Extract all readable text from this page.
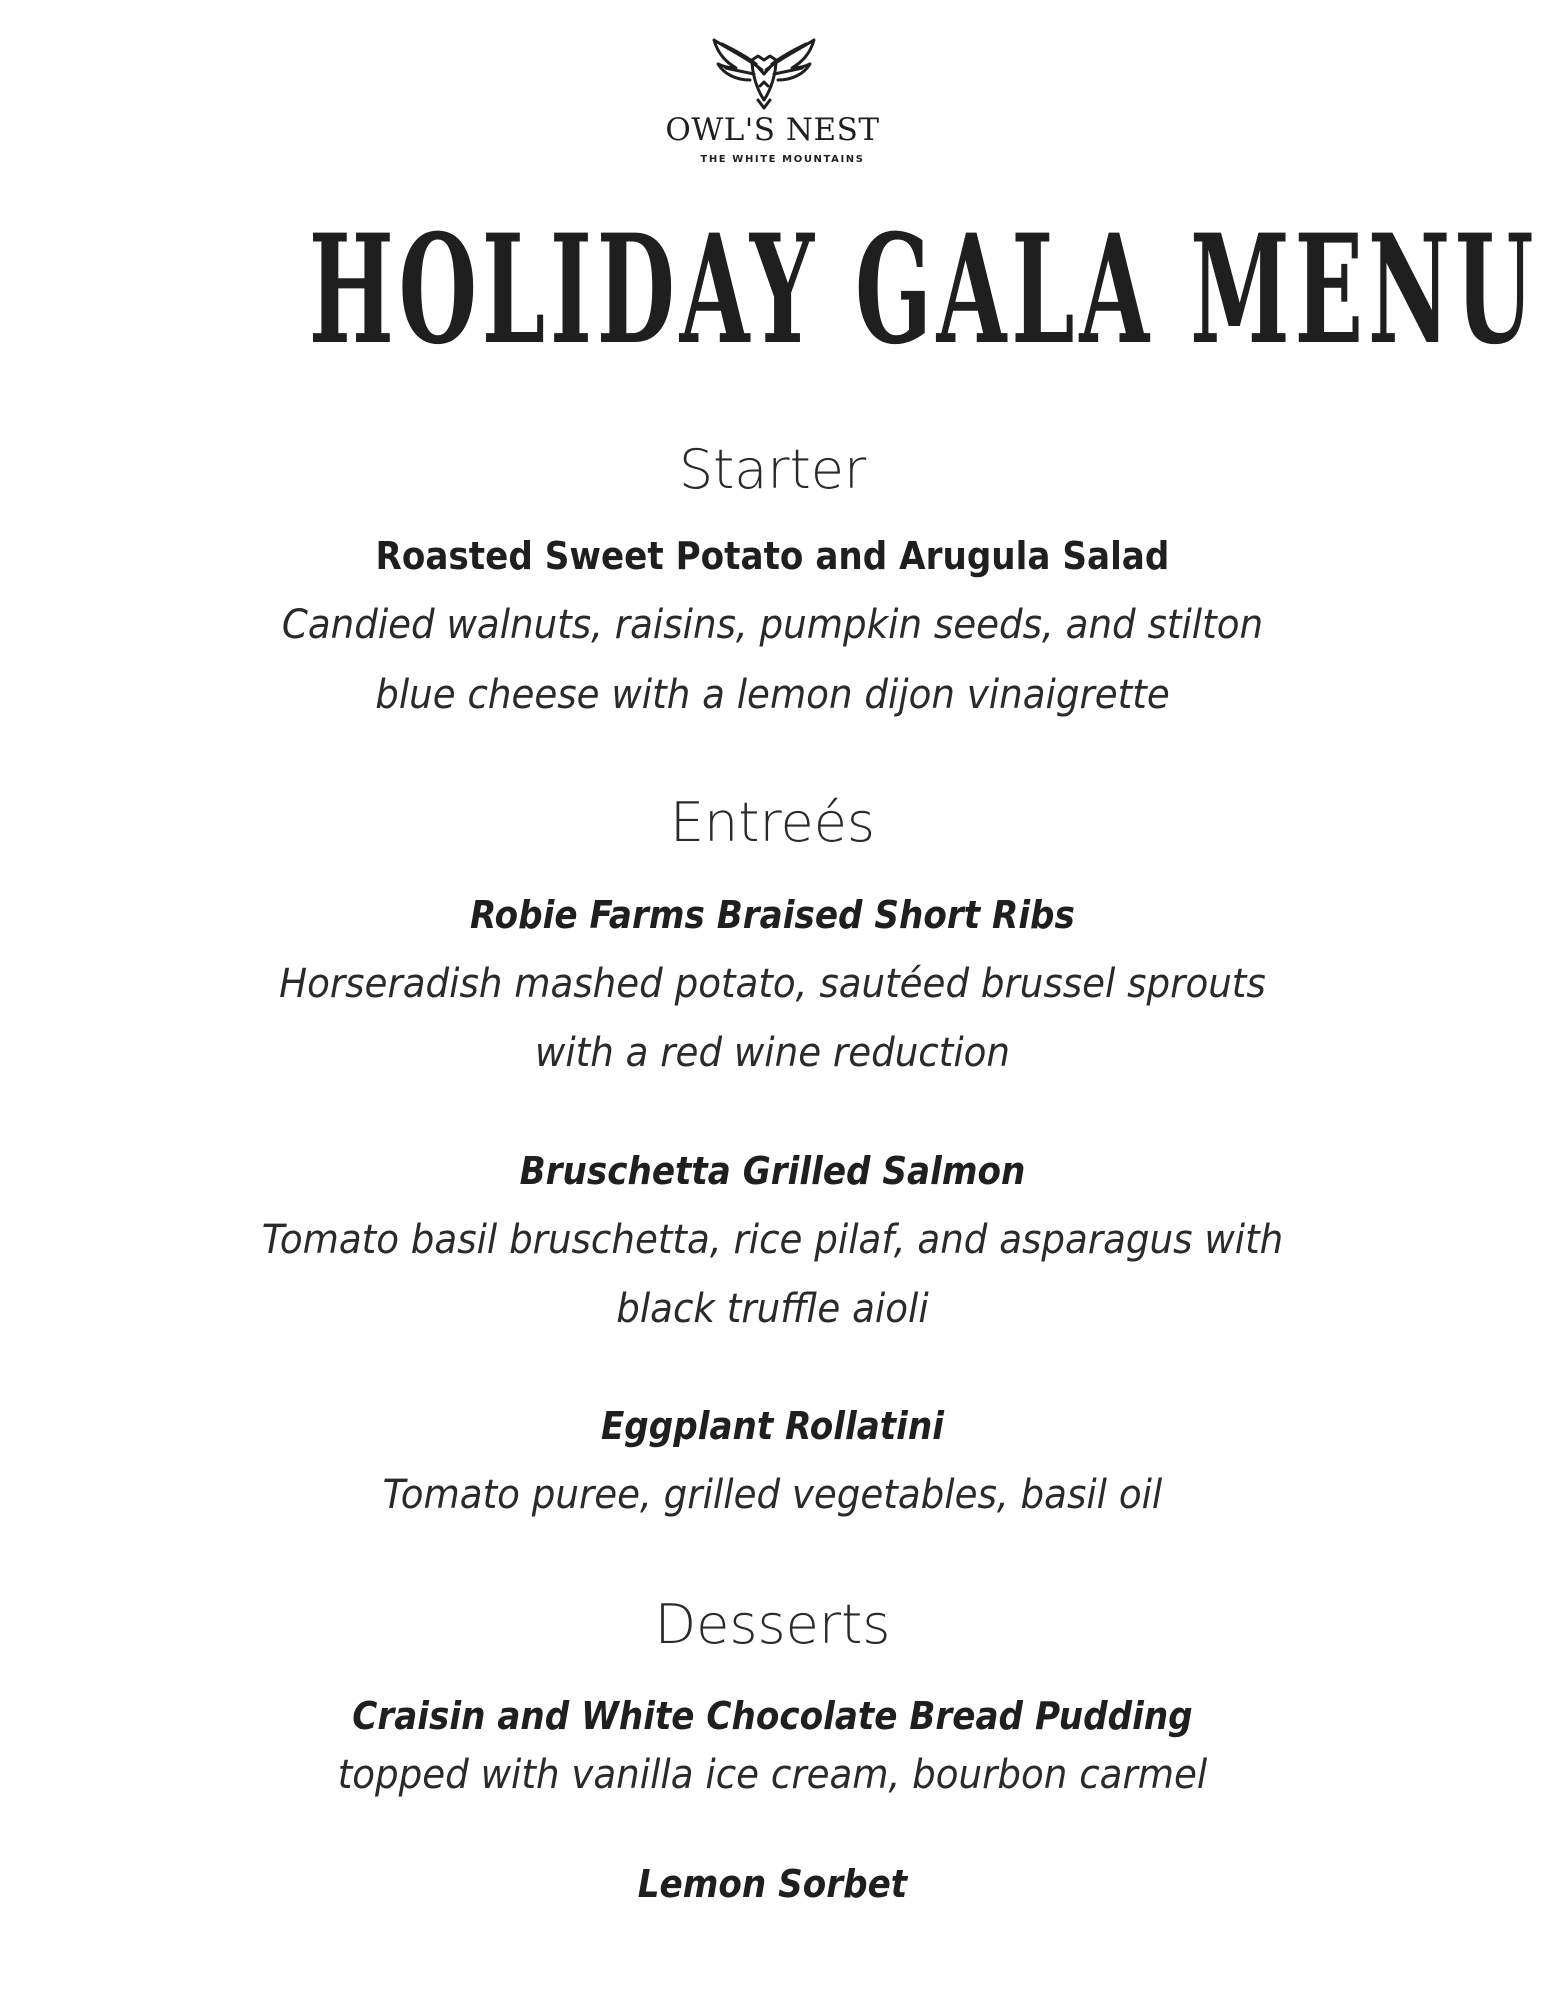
OWL'S NEST
THE WHITE MOUNTAINS
HOLIDAY GALA MENU
Starter
Roasted Sweet Potato and Arugula Salad
Candied walnuts, raisins, pumpkin seeds, and stilton
blue cheese with a lemon dijon vinaigrette
Entreés
Robie Farms Braised Short Ribs
Horseradish mashed potato, sautéed brussel sprouts
with a red wine reduction
Bruschetta Grilled Salmon
Tomato basil bruschetta, rice pilaf, and asparagus with
black truffle aioli
Eggplant Rollatini
Tomato puree, grilled vegetables, basil oil
Desserts
Craisin and White Chocolate Bread Pudding
topped with vanilla ice cream, bourbon carmel
Lemon Sorbet
